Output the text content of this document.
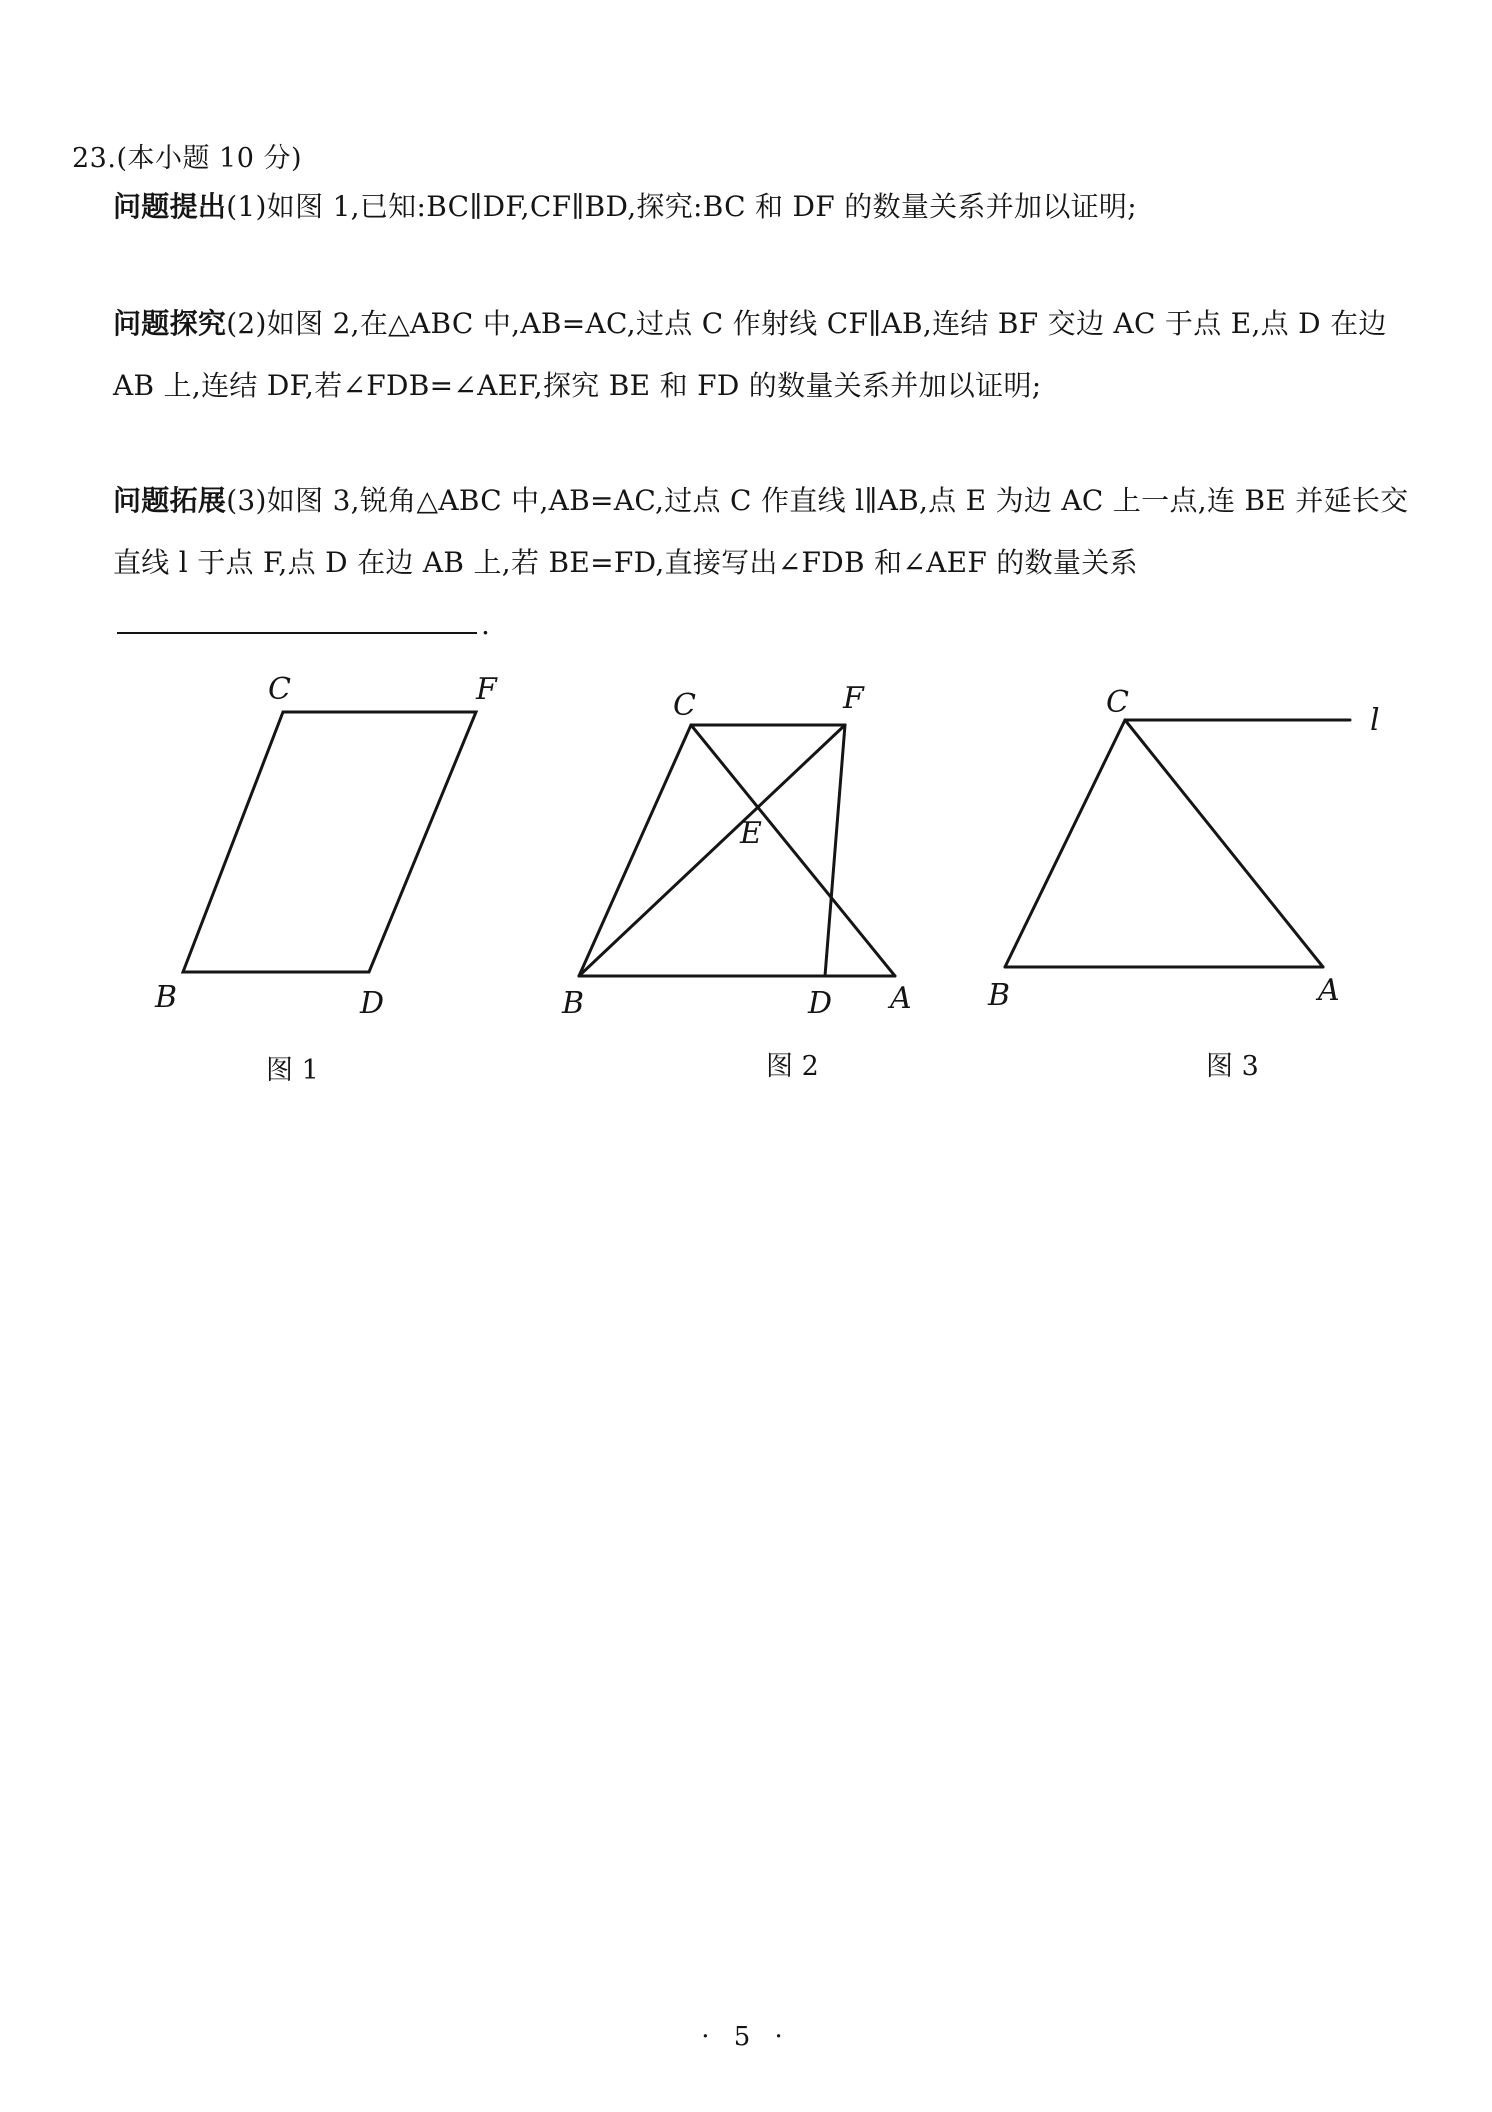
23.(本小题 10 分)
问题提出(1)如图 1,已知:BC∥DF,CF∥BD,探究:BC 和 DF 的数量关系并加以证明;
问题探究(2)如图 2,在△ABC 中,AB=AC,过点 C 作射线 CF∥AB,连结 BF 交边 AC 于点 E,点 D 在边 AB 上,连结 DF,若∠FDB=∠AEF,探究 BE 和 FD 的数量关系并加以证明;
问题拓展(3)如图 3,锐角△ABC 中,AB=AC,过点 C 作直线 l∥AB,点 E 为边 AC 上一点,连 BE 并延长交直线 l 于点 F,点 D 在边 AB 上,若 BE=FD,直接写出∠FDB 和∠AEF 的数量关系.
C	F
B	D
C	F
E
B	D A
C
l
B	A
图 1	图 2	图 3
· 5 ·
